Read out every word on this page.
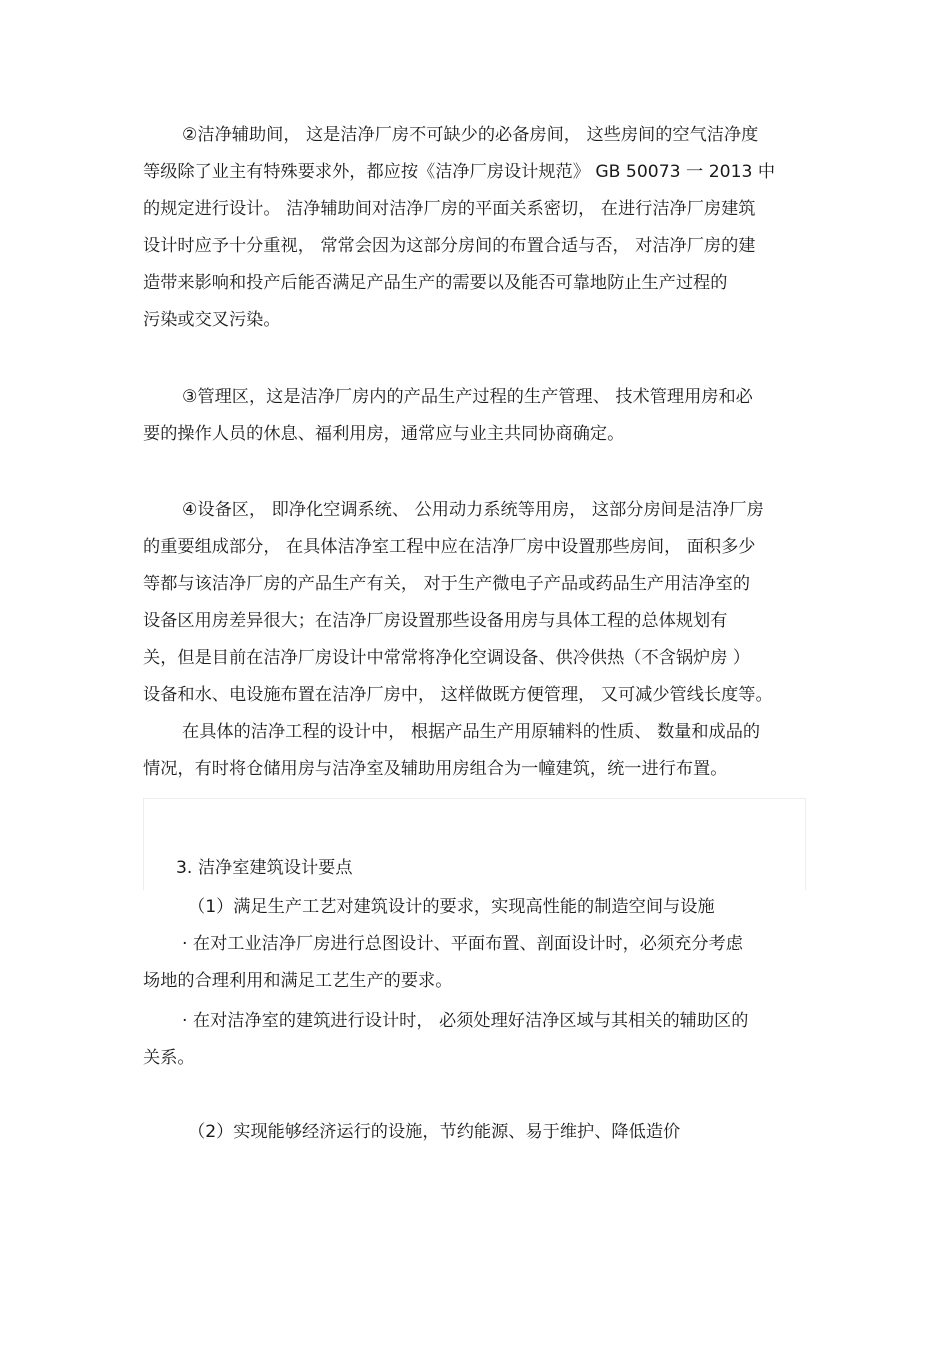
②洁净辅助间， 这是洁净厂房不可缺少的必备房间， 这些房间的空气洁净度
等级除了业主有特殊要求外，都应按《洁净厂房设计规范》 GB 50073 一 2013 中
的规定进行设计。 洁净辅助间对洁净厂房的平面关系密切， 在进行洁净厂房建筑
设计时应予十分重视， 常常会因为这部分房间的布置合适与否， 对洁净厂房的建
造带来影响和投产后能否满足产品生产的需要以及能否可靠地防止生产过程的
污染或交叉污染。
③管理区，这是洁净厂房内的产品生产过程的生产管理、 技术管理用房和必
要的操作人员的休息、福利用房，通常应与业主共同协商确定。
④设备区， 即净化空调系统、 公用动力系统等用房， 这部分房间是洁净厂房
的重要组成部分， 在具体洁净室工程中应在洁净厂房中设置那些房间， 面积多少
等都与该洁净厂房的产品生产有关， 对于生产微电子产品或药品生产用洁净室的
设备区用房差异很大；在洁净厂房设置那些设备用房与具体工程的总体规划有
关，但是目前在洁净厂房设计中常常将净化空调设备、供冷供热（不含锅炉房 ）
设备和水、电设施布置在洁净厂房中， 这样做既方便管理， 又可减少管线长度等。
在具体的洁净工程的设计中， 根据产品生产用原辅料的性质、 数量和成品的
情况，有时将仓储用房与洁净室及辅助用房组合为一幢建筑，统一进行布置。
3. 洁净室建筑设计要点
（1）满足生产工艺对建筑设计的要求，实现高性能的制造空间与设施
· 在对工业洁净厂房进行总图设计、平面布置、剖面设计时，必须充分考虑
场地的合理利用和满足工艺生产的要求。
· 在对洁净室的建筑进行设计时， 必须处理好洁净区域与其相关的辅助区的
关系。
（2）实现能够经济运行的设施，节约能源、易于维护、降低造价
